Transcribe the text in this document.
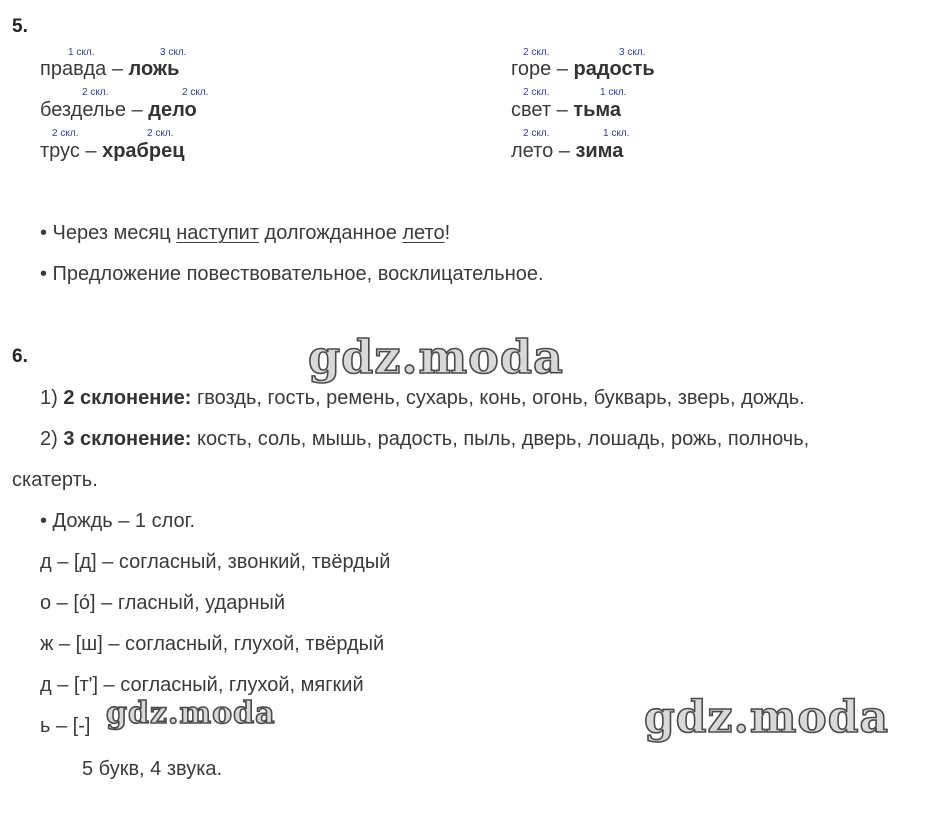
5.
1 скл.	3 скл.
правда – ложь
2 скл.	2 скл.
безделье – дело
2 скл.	2 скл.
трус – храбрец
2 скл.	3 скл.
горе – радость
2 скл.	1 скл.
свет – тьма
2 скл.	1 скл.
лето – зима
• Через месяц наступит долгожданное лето!
• Предложение повествовательное, восклицательное.
6.
1) 2 склонение: гвоздь, гость, ремень, сухарь, конь, огонь, букварь, зверь, дождь.
2) 3 склонение: кость, соль, мышь, радость, пыль, дверь, лошадь, рожь, полночь,
скатерть.
• Дождь – 1 слог.
д – [д] – согласный, звонкий, твёрдый
о – [о́] – гласный, ударный
ж – [ш] – согласный, глухой, твёрдый
д – [т'] – согласный, глухой, мягкий
ь – [-]
5 букв, 4 звука.
gdz.moda
gdz.moda	gdz.moda
